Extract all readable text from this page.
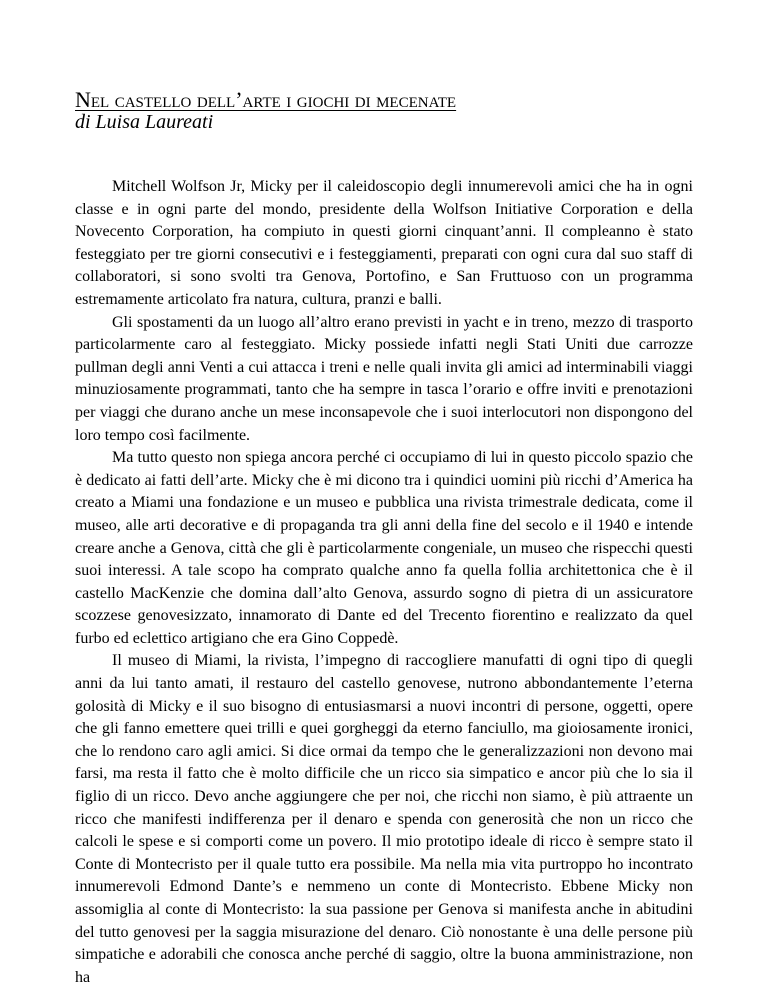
Nel castello dell’arte i giochi di mecenate

di Luisa Laureati

Mitchell Wolfson Jr, Micky per il caleidoscopio degli innumerevoli amici che ha in ogni classe e in ogni parte del mondo, presidente della Wolfson Initiative Corporation e della Novecento Corporation, ha compiuto in questi giorni cinquant’anni. Il compleanno è stato festeggiato per tre giorni consecutivi e i festeggiamenti, preparati con ogni cura dal suo staff di collaboratori, si sono svolti tra Genova, Portofino, e San Fruttuoso con un programma estremamente articolato fra natura, cultura, pranzi e balli.

Gli spostamenti da un luogo all’altro erano previsti in yacht e in treno, mezzo di trasporto particolarmente caro al festeggiato. Micky possiede infatti negli Stati Uniti due carrozze pullman degli anni Venti a cui attacca i treni e nelle quali invita gli amici ad interminabili viaggi minuziosamente programmati, tanto che ha sempre in tasca l’orario e offre inviti e prenotazioni per viaggi che durano anche un mese inconsapevole che i suoi interlocutori non dispongono del loro tempo così facilmente.

Ma tutto questo non spiega ancora perché ci occupiamo di lui in questo piccolo spazio che è dedicato ai fatti dell’arte. Micky che è mi dicono tra i quindici uomini più ricchi d’America ha creato a Miami una fondazione e un museo e pubblica una rivista trimestrale dedicata, come il museo, alle arti decorative e di propaganda tra gli anni della fine del secolo e il 1940 e intende creare anche a Genova, città che gli è particolarmente congeniale, un museo che rispecchi questi suoi interessi. A tale scopo ha comprato qualche anno fa quella follia architettonica che è il castello MacKenzie che domina dall’alto Genova, assurdo sogno di pietra di un assicuratore scozzese genovesizzato, innamorato di Dante ed del Trecento fiorentino e realizzato da quel furbo ed eclettico artigiano che era Gino Coppedè.

Il museo di Miami, la rivista, l’impegno di raccogliere manufatti di ogni tipo di quegli anni da lui tanto amati, il restauro del castello genovese, nutrono abbondantemente l’eterna golosità di Micky e il suo bisogno di entusiasmarsi a nuovi incontri di persone, oggetti, opere che gli fanno emettere quei trilli e quei gorgheggi da eterno fanciullo, ma gioiosamente ironici, che lo rendono caro agli amici. Si dice ormai da tempo che le generalizzazioni non devono mai farsi, ma resta il fatto che è molto difficile che un ricco sia simpatico e ancor più che lo sia il figlio di un ricco. Devo anche aggiungere che per noi, che ricchi non siamo, è più attraente un ricco che manifesti indifferenza per il denaro e spenda con generosità che non un ricco che calcoli le spese e si comporti come un povero. Il mio prototipo ideale di ricco è sempre stato il Conte di Montecristo per il quale tutto era possibile. Ma nella mia vita purtroppo ho incontrato innumerevoli Edmond Dante’s e nemmeno un conte di Montecristo. Ebbene Micky non assomiglia al conte di Montecristo: la sua passione per Genova si manifesta anche in abitudini del tutto genovesi per la saggia misurazione del denaro. Ciò nonostante è una delle persone più simpatiche e adorabili che conosca anche perché di saggio, oltre la buona amministrazione, non ha
